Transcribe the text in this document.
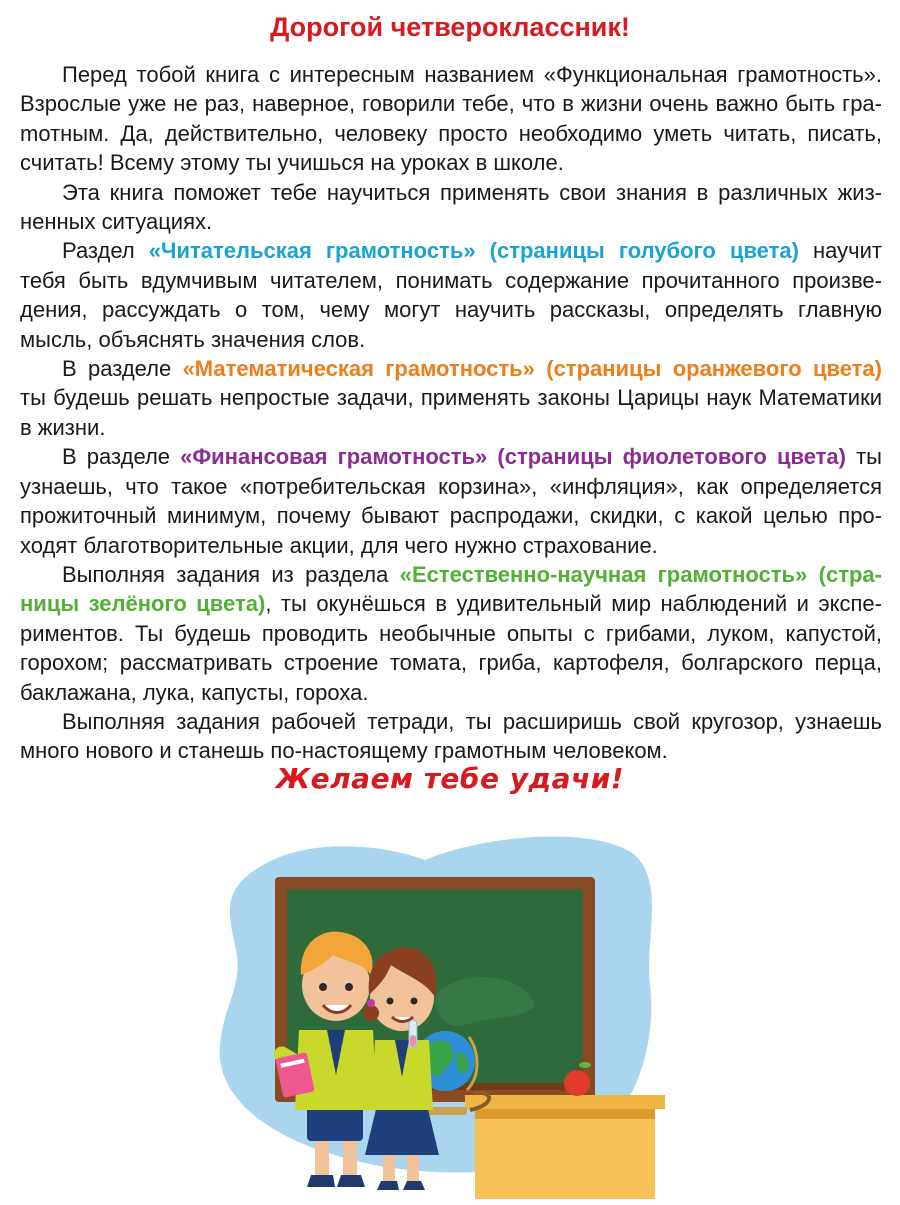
Дорогой четвероклассник!

Перед тобой книга с интересным названием «Функциональная грамотность». Взрослые уже не раз, наверное, говорили тебе, что в жизни очень важно быть граmотным. Да, действительно, человеку просто необходимо уметь читать, писать, считать! Всему этому ты учишься на уроках в школе.

Эта книга поможет тебе научиться применять свои знания в различных жизненных ситуациях.

Раздел «Читательская грамотность» (страницы голубого цвета) научит тебя быть вдумчивым читателем, понимать содержание прочитанного произведения, рассуждать о том, чему могут научить рассказы, определять главную мысль, объяснять значения слов.

В разделе «Математическая грамотность» (страницы оранжевого цвета) ты будешь решать непростые задачи, применять законы Царицы наук Математики в жизни.

В разделе «Финансовая грамотность» (страницы фиолетового цвета) ты узнаешь, что такое «потребительская корзина», «инфляция», как определяется прожиточный минимум, почему бывают распродажи, скидки, с какой целью проходят благотворительные акции, для чего нужно страхование.

Выполняя задания из раздела «Естественно-научная грамотность» (страницы зелёного цвета), ты окунёшься в удивительный мир наблюдений и экспериментов. Ты будешь проводить необычные опыты с грибами, луком, капустой, горохом; рассматривать строение томата, гриба, картофеля, болгарского перца, баклажана, лука, капусты, гороха.

Выполняя задания рабочей тетради, ты расширишь свой кругозор, узнаешь много нового и станешь по-настоящему грамотным человеком.

Желаем тебе удачи!
